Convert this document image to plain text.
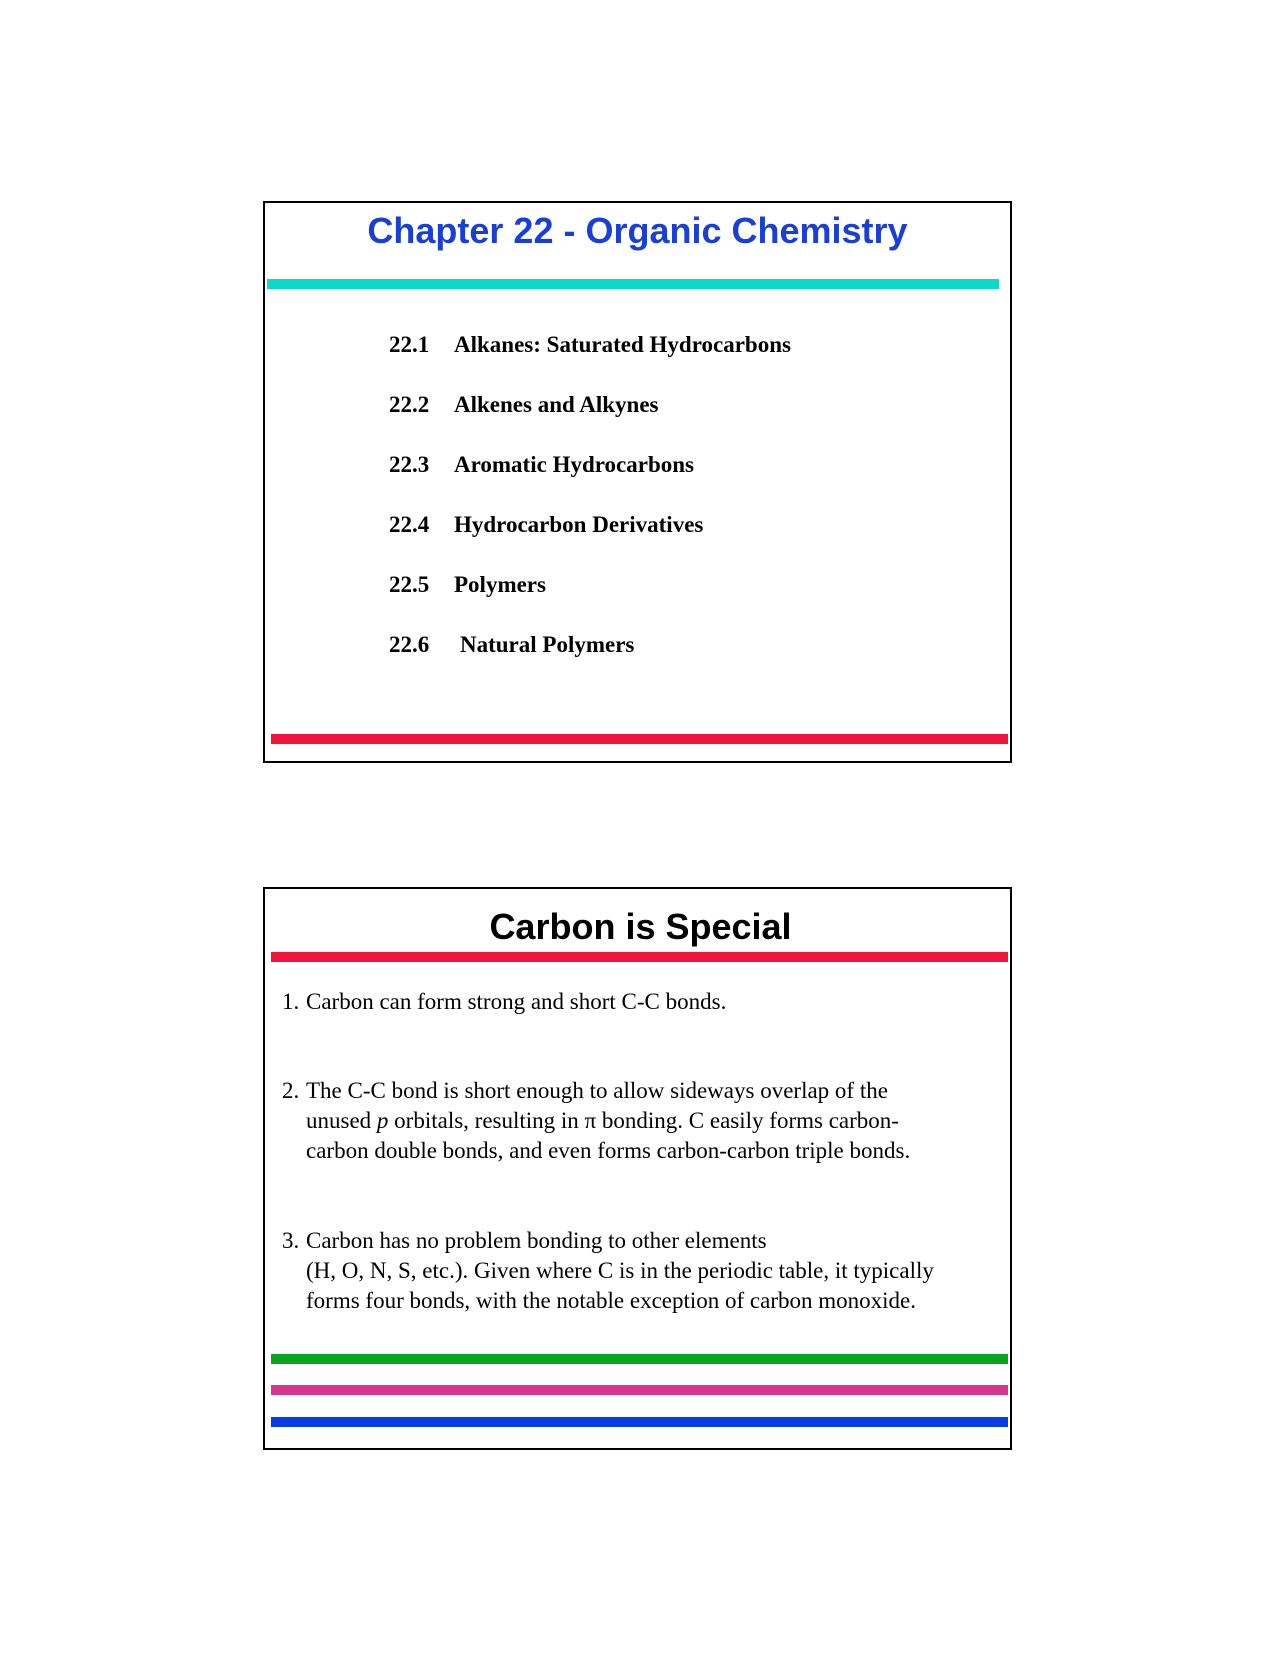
Chapter 22 - Organic Chemistry
22.1 Alkanes: Saturated Hydrocarbons
22.2 Alkenes and Alkynes
22.3 Aromatic Hydrocarbons
22.4 Hydrocarbon Derivatives
22.5 Polymers
22.6 Natural Polymers
Carbon is Special
1. Carbon can form strong and short C-C bonds.
2. The C-C bond is short enough to allow sideways overlap of the
unused p orbitals, resulting in π bonding. C easily forms carbon-
carbon double bonds, and even forms carbon-carbon triple bonds.
3. Carbon has no problem bonding to other elements
(H, O, N, S, etc.). Given where C is in the periodic table, it typically
forms four bonds, with the notable exception of carbon monoxide.
